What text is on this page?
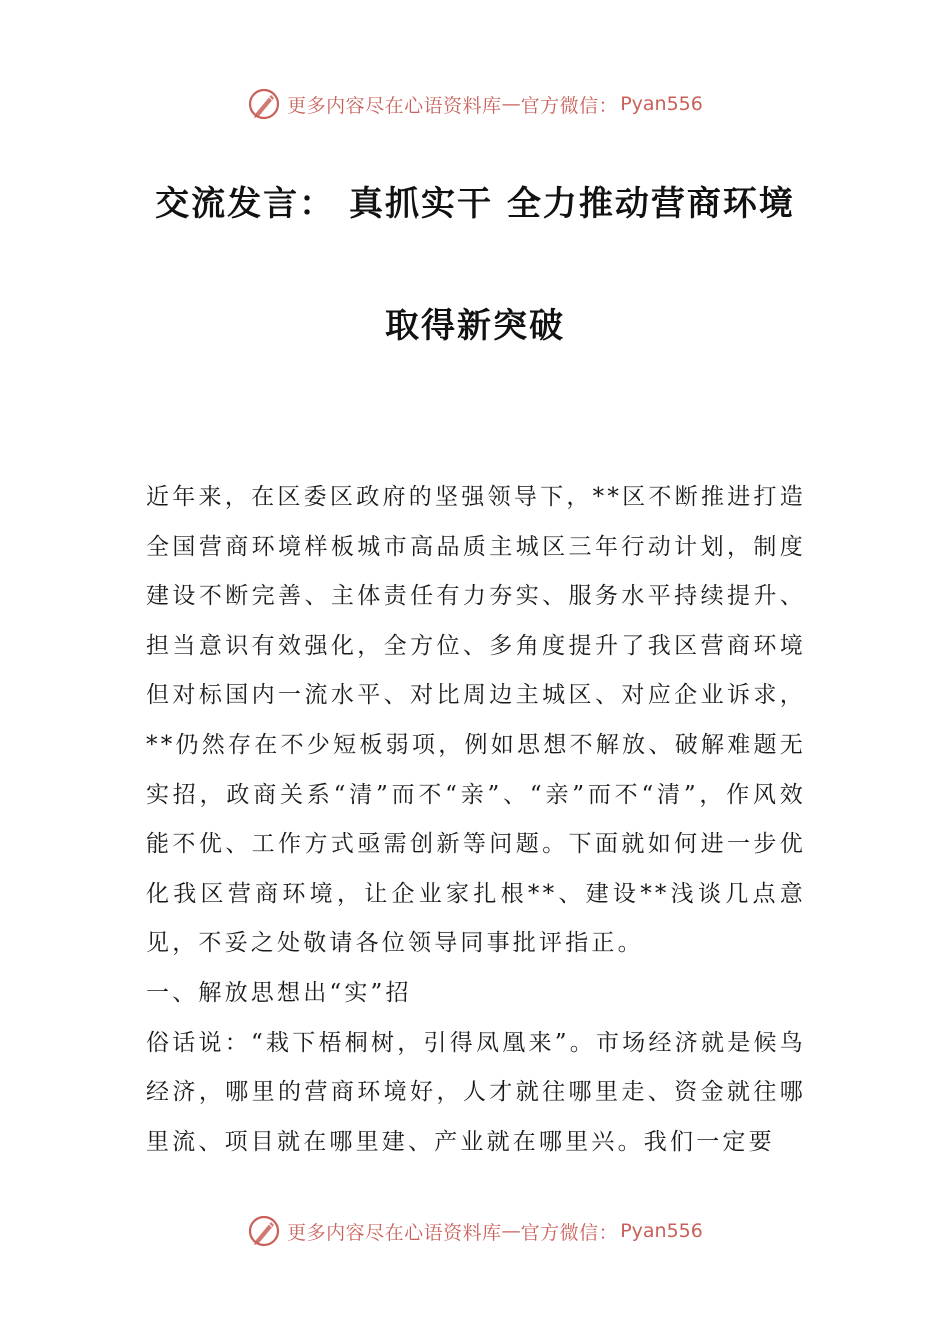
更多内容尽在心语资料库 — 官方微信： Pyan556
交流发言： 真抓实干 全力推动营商环境
取得新突破

近年来，在区委区政府的坚强领导下，**区不断推进打造全国营商环境样板城市高品质主城区三年行动计划，制度建设不断完善、主体责任有力夯实、服务水平持续提升、担当意识有效强化，全方位、多角度提升了我区营商环境但对标国内一流水平、对比周边主城区、对应企业诉求，**仍然存在不少短板弱项，例如思想不解放、破解难题无实招，政商关系“清”而不“亲”、“亲”而不“清”，作风效能不优、工作方式亟需创新等问题。下面就如何进一步优化我区营商环境，让企业家扎根**、建设**浅谈几点意见，不妥之处敬请各位领导同事批评指正。

一、解放思想出“实”招

俗话说：“栽下梧桐树，引得凤凰来”。市场经济就是候鸟经济，哪里的营商环境好，人才就往哪里走、资金就往哪里流、项目就在哪里建、产业就在哪里兴。我们一定要

更多内容尽在心语资料库 — 官方微信： Pyan556
